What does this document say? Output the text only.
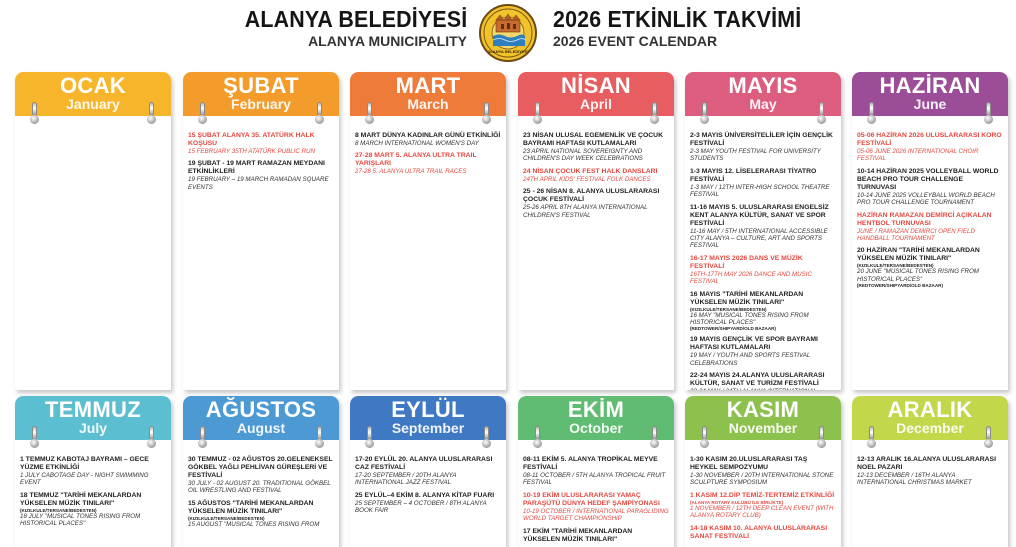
ALANYA BELEDİYESİ
ALANYA MUNICIPALITY
ALANYA BELEDİYESİ
2026 ETKİNLİK TAKVİMİ
2026 EVENT CALENDAR
OCAK
January
ŞUBAT
February
15 ŞUBAT ALANYA 35. ATATÜRK HALK KOŞUSU
15 FEBRUARY 35TH ATATÜRK PUBLIC RUN
19 ŞUBAT - 19 MART RAMAZAN MEYDANI ETKİNLİKLERİ
19 FEBRUARY – 19 MARCH RAMADAN SQUARE EVENTS
MART
March
8 MART DÜNYA KADINLAR GÜNÜ ETKİNLİĞİ
8 MARCH INTERNATIONAL WOMEN'S DAY
27-28 MART 5. ALANYA ULTRA TRAIL YARIŞLARI
27-28 5. ALANYA ULTRA TRAIL RACES
NİSAN
April
23 NİSAN ULUSAL EGEMENLİK VE ÇOCUK BAYRAMI HAFTASI KUTLAMALARI
23 APRIL NATIONAL SOVEREIGNTY AND CHILDREN'S DAY WEEK CELEBRATIONS
24 NİSAN ÇOCUK FEST HALK DANSLARI
24TH APRIL KIDS' FESTIVAL FOLK DANCES
25 - 26 NİSAN 8. ALANYA ULUSLARARASI ÇOCUK FESTİVALİ
25-26 APRIL 8TH ALANYA INTERNATIONAL CHILDREN'S FESTIVAL
MAYIS
May
2-3 MAYIS ÜNİVERSİTELİLER İÇİN GENÇLİK FESTİVALİ
2-3 MAY YOUTH FESTIVAL FOR UNIVERSITY STUDENTS
1-3 MAYIS 12. LİSELERARASI TİYATRO FESTİVALİ
1-3 MAY / 12TH INTER-HIGH SCHOOL THEATRE FESTIVAL
11-16 MAYIS 5. ULUSLARARASI ENGELSİZ KENT ALANYA KÜLTÜR, SANAT VE SPOR FESTİVALİ
11-16 MAY / 5TH INTERNATIONAL ACCESSIBLE CITY ALANYA – CULTURE, ART AND SPORTS FESTIVAL
16-17 MAYIS 2026 DANS VE MÜZİK FESTİVALİ
16TH-17TH MAY 2026 DANCE AND MUSIC FESTIVAL
16 MAYIS "TARİHİ MEKANLARDAN YÜKSELEN MÜZİK TINILARI"
(KIZILKULE/TERSANE/BEDESTEN)
16 MAY "MUSICAL TONES RISING FROM HISTORICAL PLACES"
(REDTOWER/SHIPYARD/OLD BAZAAR)
19 MAYIS GENÇLİK VE SPOR BAYRAMI HAFTASI KUTLAMALARI
19 MAY / YOUTH AND SPORTS FESTIVAL CELEBRATIONS
22-24 MAYIS 24.ALANYA ULUSLARARASI KÜLTÜR, SANAT VE TURİZM FESTİVALİ
HAZİRAN
June
05-06 HAZİRAN 2026 ULUSLARARASI KORO FESTİVALİ
05-06 JUNE 2026 INTERNATIONAL CHOIR FESTIVAL
10-14 HAZİRAN 2025 VOLLEYBALL WORLD BEACH PRO TOUR CHALLENGE TURNUVASI
10-14 JUNE 2025 VOLLEYBALL WORLD BEACH PRO TOUR CHALLENGE TOURNAMENT
HAZİRAN RAMAZAN DEMİRCİ AÇIKALAN HENTBOL TURNUVASI
JUNE / RAMAZAN DEMIRCI OPEN FIELD HANDBALL TOURNAMENT
20 HAZİRAN "TARİHİ MEKANLARDAN YÜKSELEN MÜZİK TINILARI"
(KIZILKULE/TERSANE/BEDESTEN)
20 JUNE "MUSICAL TONES RISING FROM HISTORICAL PLACES"
(REDTOWER/SHIPYARD/OLD BAZAAR)
TEMMUZ
July
1 TEMMUZ KABOTAJ BAYRAMI – GECE YÜZME ETKİNLİĞİ
1 JULY CABOTAGE DAY - NIGHT SWIMMING EVENT
18 TEMMUZ "TARİHİ MEKANLARDAN YÜKSELEN MÜZİK TINILARI"
(KIZILKULE/TERSANE/BEDESTEN)
18 JULY "MUSICAL TONES RISING FROM HISTORICAL PLACES"
AĞUSTOS
August
30 TEMMUZ - 02 AĞUSTOS 20.GELENEKSEL GÖKBEL YAĞLI PEHLİVAN GÜREŞLERİ VE FESTİVALİ
30 JULY - 02 AUGUST 20. TRADITIONAL GÖKBEL OIL WRESTLING AND FESTIVAL
15 AĞUSTOS "TARİHİ MEKANLARDAN YÜKSELEN MÜZİK TINILARI"
(KIZILKULE/TERSANE/BEDESTEN)
15 AUGUST "MUSICAL TONES RISING FROM
EYLÜL
September
17-20 EYLÜL 20. ALANYA ULUSLARARASI CAZ FESTİVALİ
17-20 SEPTEMBER / 20TH ALANYA INTERNATIONAL JAZZ FESTIVAL
25 EYLÜL–4 EKİM 8. ALANYA KİTAP FUARI
25 SEPTEMBER – 4 OCTOBER / 8TH ALANYA BOOK FAIR
EKİM
October
08-11 EKİM 5. ALANYA TROPİKAL MEYVE FESTİVALİ
08-11 OCTOBER / 5TH ALANYA TROPICAL FRUIT FESTIVAL
10-19 EKİM ULUSLARARASI YAMAÇ PARAŞÜTÜ DÜNYA HEDEF ŞAMPİYONASI
10-19 OCTOBER / INTERNATIONAL PARAGLIDING WORLD TARGET CHAMPIONSHIP
17 EKİM "TARİHİ MEKANLARDAN YÜKSELEN MÜZİK TINILARI"
KASIM
November
1-30 KASIM 20.ULUSLARARASI TAŞ HEYKEL SEMPOZYUMU
1-30 NOVEMBER / 20TH INTERNATIONAL STONE SCULPTURE SYMPOSIUM
1 KASIM 12.DİP TEMİZ-TERTEMİZ ETKİNLİĞİ
(ALANYA ROTARY KULÜBÜ İLE BİRLİKTE)
1 NOVEMBER / 12TH DEEP CLEAN EVENT (WITH ALANYA ROTARY CLUB)
14-18 KASIM 10. ALANYA ULUSLARARASI SANAT FESTİVALİ
ARALIK
December
12-13 ARALIK 16.ALANYA ULUSLARARASI NOEL PAZARI
12-13 DECEMBER / 16TH ALANYA INTERNATIONAL CHRISTMAS MARKET
